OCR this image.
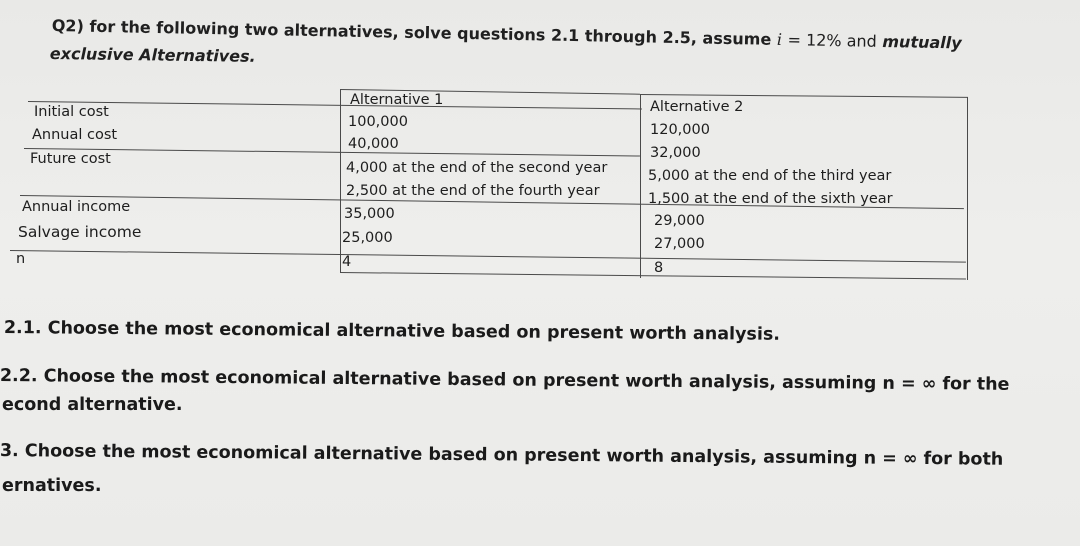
Q2) for the following two alternatives, solve questions 2.1 through 2.5, assume i = 12% and mutually
exclusive Alternatives.
Alternative 1	Alternative 2
Initial cost
Annual cost
Future cost
Annual income
Salvage income
n
100,000
40,000
4,000 at the end of the second year
2,500 at the end of the fourth year
35,000
25,000
4
120,000
32,000
5,000 at the end of the third year
1,500 at the end of the sixth year
29,000
27,000
8
2.1. Choose the most economical alternative based on present worth analysis.
2.2. Choose the most economical alternative based on present worth analysis, assuming n = ∞ for the
econd alternative.
3. Choose the most economical alternative based on present worth analysis, assuming n = ∞ for both
ernatives.
